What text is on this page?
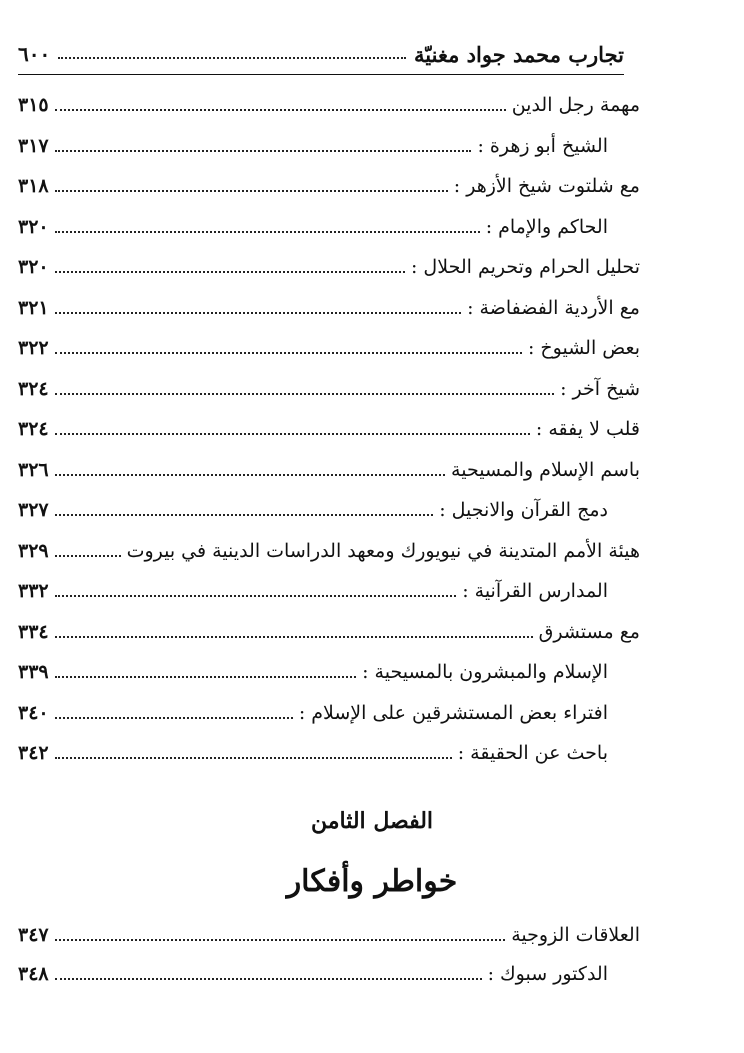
تجارب محمد جواد مغنيّة
٦٠٠
مهمة رجل الدين
٣١٥
الشيخ أبو زهرة :
٣١٧
مع شلتوت شيخ الأزهر :
٣١٨
الحاكم والإمام :
٣٢٠
تحليل الحرام وتحريم الحلال :
٣٢٠
مع الأردية الفضفاضة :
٣٢١
بعض الشيوخ :
٣٢٢
شيخ آخر :
٣٢٤
قلب لا يفقه :
٣٢٤
باسم الإسلام والمسيحية
٣٢٦
دمج القرآن والانجيل :
٣٢٧
هيئة الأمم المتدينة في نيويورك ومعهد الدراسات الدينية في بيروت
٣٢٩
المدارس القرآنية :
٣٣٢
مع مستشرق
٣٣٤
الإسلام والمبشرون بالمسيحية :
٣٣٩
افتراء بعض المستشرقين على الإسلام :
٣٤٠
باحث عن الحقيقة :
٣٤٢
الفصل الثامن
خواطر وأفكار
العلاقات الزوجية
٣٤٧
الدكتور سبوك :
٣٤٨
